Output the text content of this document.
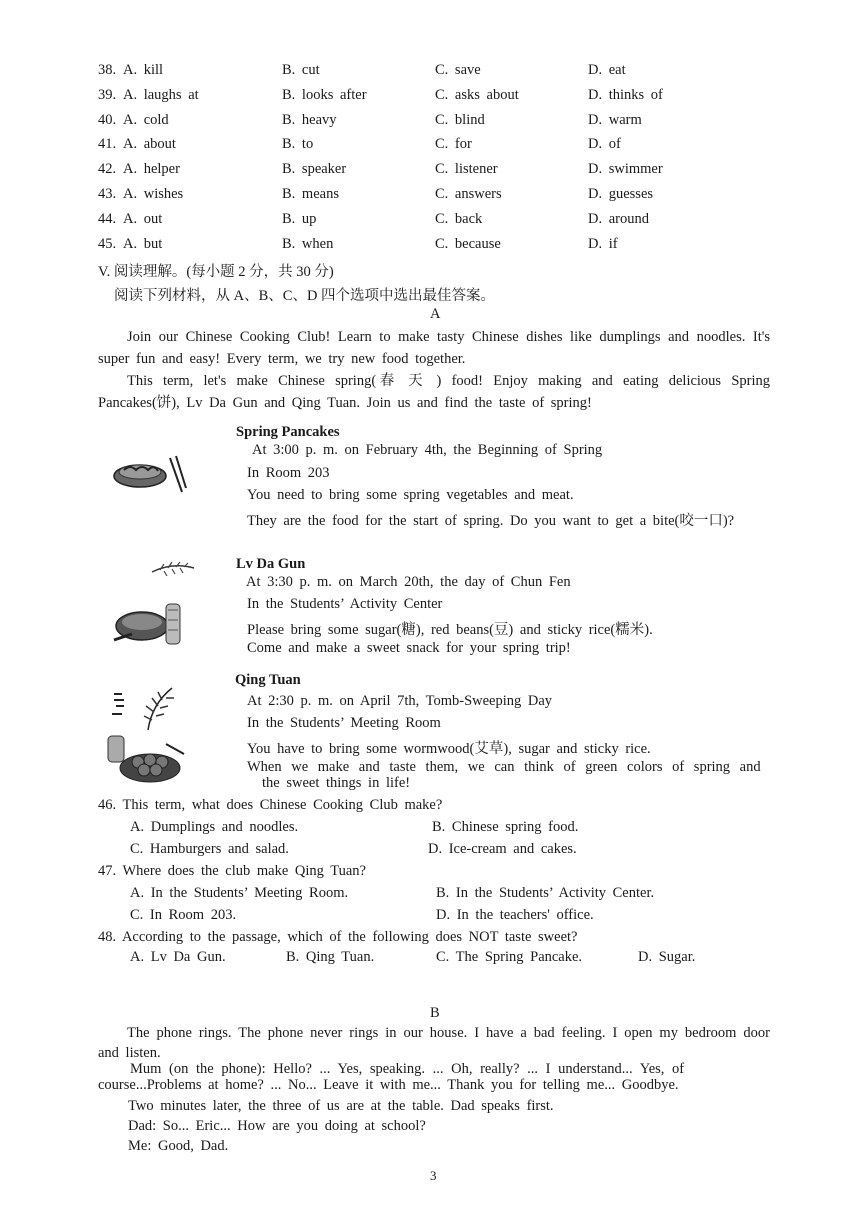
38. A. kill	B. cut	C. save	D. eat
39. A. laughs at	B. looks after	C. asks about	D. thinks of
40. A. cold	B. heavy	C. blind	D. warm
41. A. about	B. to	C. for	D. of
42. A. helper	B. speaker	C. listener	D. swimmer
43. A. wishes	B. means	C. answers	D. guesses
44. A. out	B. up	C. back	D. around
45. A. but	B. when	C. because	D. if
V. 阅读理解。(每小题 2 分，共 30 分)
阅读下列材料，从 A、B、C、D 四个选项中选出最佳答案。
A
Join our Chinese Cooking Club! Learn to make tasty Chinese dishes like dumplings and noodles. It's super fun and easy! Every term, we try new food together.
This term, let's make Chinese spring(春 天 ) food! Enjoy making and eating delicious Spring Pancakes(饼), Lv Da Gun and Qing Tuan. Join us and find the taste of spring!
Spring Pancakes
At 3:00 p. m. on February 4th, the Beginning of Spring
In Room 203
You need to bring some spring vegetables and meat.
They are the food for the start of spring. Do you want to get a bite(咬一口)?
Lv Da Gun
At 3:30 p. m. on March 20th, the day of Chun Fen
In the Students’ Activity Center
Please bring some sugar(糖), red beans(豆) and sticky rice(糯米).
Come and make a sweet snack for your spring trip!
Qing Tuan
At 2:30 p. m. on April 7th, Tomb-Sweeping Day
In the Students’ Meeting Room
You have to bring some wormwood(艾草), sugar and sticky rice.
When we make and taste them, we can think of green colors of spring and
the sweet things in life!
46. This term, what does Chinese Cooking Club make?
A. Dumplings and noodles.	B. Chinese spring food.
C. Hamburgers and salad.	D. Ice-cream and cakes.
47. Where does the club make Qing Tuan?
A. In the Students’ Meeting Room.	B. In the Students’ Activity Center.
C. In Room 203.	D. In the teachers' office.
48. According to the passage, which of the following does NOT taste sweet?
A. Lv Da Gun.	B. Qing Tuan.	C. The Spring Pancake.	D. Sugar.
B
The phone rings. The phone never rings in our house. I have a bad feeling. I open my bedroom door and listen.
Mum (on the phone): Hello? ... Yes, speaking. ... Oh, really? ... I understand... Yes, of
course...Problems at home? ... No... Leave it with me... Thank you for telling me... Goodbye.
Two minutes later, the three of us are at the table. Dad speaks first.
Dad: So... Eric... How are you doing at school?
Me: Good, Dad.
3
